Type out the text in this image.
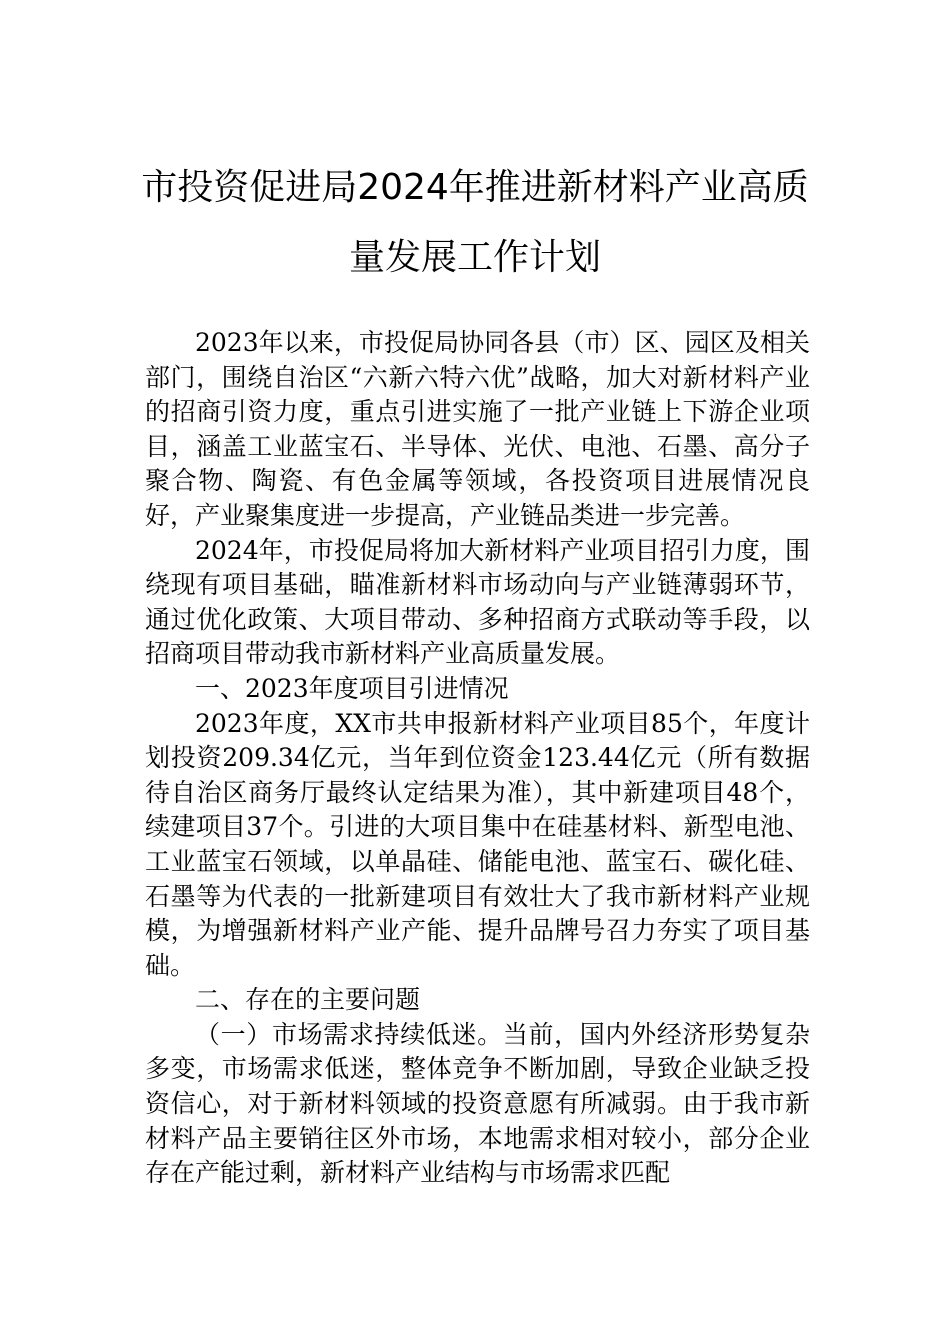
市投资促进局2024年推进新材料产业高质
量发展工作计划

2023年以来，市投促局协同各县（市）区、园区及相关部门，围绕自治区“六新六特六优”战略，加大对新材料产业的招商引资力度，重点引进实施了一批产业链上下游企业项目，涵盖工业蓝宝石、半导体、光伏、电池、石墨、高分子聚合物、陶瓷、有色金属等领域，各投资项目进展情况良好，产业聚集度进一步提高，产业链品类进一步完善。

2024年，市投促局将加大新材料产业项目招引力度，围绕现有项目基础，瞄准新材料市场动向与产业链薄弱环节，通过优化政策、大项目带动、多种招商方式联动等手段，以招商项目带动我市新材料产业高质量发展。

一、2023年度项目引进情况

2023年度，XX市共申报新材料产业项目85个，年度计划投资209.34亿元，当年到位资金123.44亿元（所有数据待自治区商务厅最终认定结果为准），其中新建项目48个，续建项目37个。引进的大项目集中在硅基材料、新型电池、工业蓝宝石领域，以单晶硅、储能电池、蓝宝石、碳化硅、石墨等为代表的一批新建项目有效壮大了我市新材料产业规模，为增强新材料产业产能、提升品牌号召力夯实了项目基础。

二、存在的主要问题

（一）市场需求持续低迷。当前，国内外经济形势复杂多变，市场需求低迷，整体竞争不断加剧，导致企业缺乏投资信心，对于新材料领域的投资意愿有所减弱。由于我市新材料产品主要销往区外市场，本地需求相对较小，部分企业存在产能过剩，新材料产业结构与市场需求匹配
